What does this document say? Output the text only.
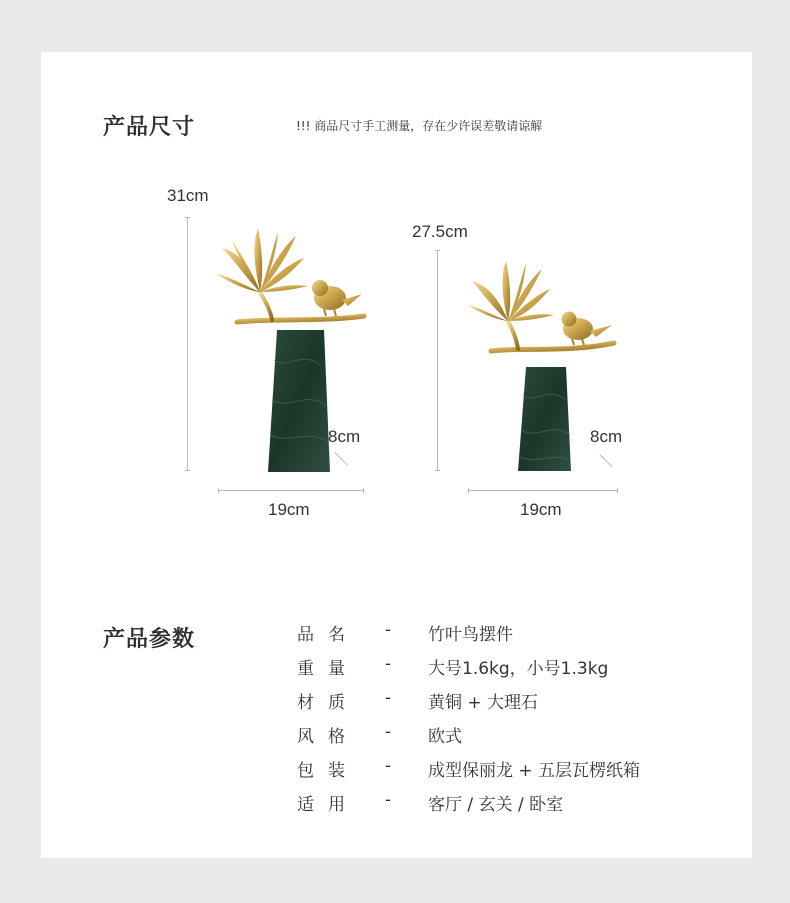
产品尺寸	!!! 商品尺寸手工测量，存在少许误差敬请谅解
31cm
8cm
19cm
27.5cm
8cm
19cm
产品参数	品名 - 竹叶鸟摆件
重量 - 大号1.6kg，小号1.3kg
材质 - 黄铜 + 大理石
风格 - 欧式
包装 - 成型保丽龙 + 五层瓦楞纸箱
适用 - 客厅 / 玄关 / 卧室
